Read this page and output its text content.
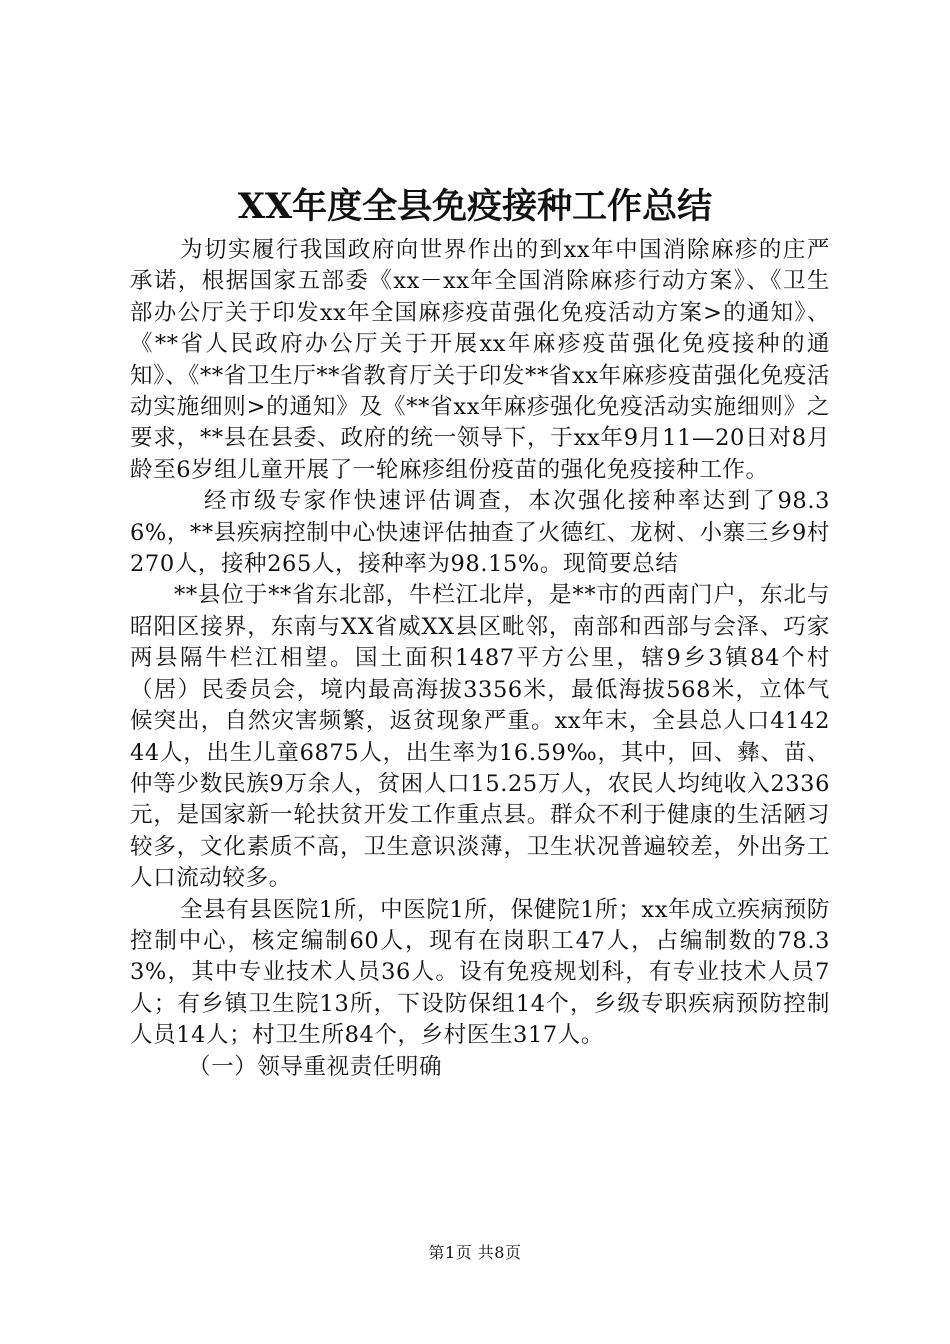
XX年度全县免疫接种工作总结

为切实履行我国政府向世界作出的到xx年中国消除麻疹的庄严承诺，根据国家五部委《xx－xx年全国消除麻疹行动方案》、《卫生部办公厅关于印发xx年全国麻疹疫苗强化免疫活动方案>的通知》、《**省人民政府办公厅关于开展xx年麻疹疫苗强化免疫接种的通知》、《**省卫生厅**省教育厅关于印发**省xx年麻疹疫苗强化免疫活动实施细则>的通知》及《**省xx年麻疹强化免疫活动实施细则》之要求，**县在县委、政府的统一领导下，于xx年9月11—20日对8月龄至6岁组儿童开展了一轮麻疹组份疫苗的强化免疫接种工作。

经市级专家作快速评估调查，本次强化接种率达到了98.36%，**县疾病控制中心快速评估抽查了火德红、龙树、小寨三乡9村270人，接种265人，接种率为98.15%。现简要总结

**县位于**省东北部，牛栏江北岸，是**市的西南门户，东北与昭阳区接界，东南与XX省威XX县区毗邻，南部和西部与会泽、巧家两县隔牛栏江相望。国土面积1487平方公里，辖9乡3镇84个村（居）民委员会，境内最高海拔3356米，最低海拔568米，立体气候突出，自然灾害频繁，返贫现象严重。xx年末，全县总人口414244人，出生儿童6875人，出生率为16.59‰，其中，回、彝、苗、仲等少数民族9万余人，贫困人口15.25万人，农民人均纯收入2336元，是国家新一轮扶贫开发工作重点县。群众不利于健康的生活陋习较多，文化素质不高，卫生意识淡薄，卫生状况普遍较差，外出务工人口流动较多。

全县有县医院1所，中医院1所，保健院1所；xx年成立疾病预防控制中心，核定编制60人，现有在岗职工47人，占编制数的78.33%，其中专业技术人员36人。设有免疫规划科，有专业技术人员7人；有乡镇卫生院13所，下设防保组14个，乡级专职疾病预防控制人员14人；村卫生所84个，乡村医生317人。

（一）领导重视责任明确

第1页 共8页
